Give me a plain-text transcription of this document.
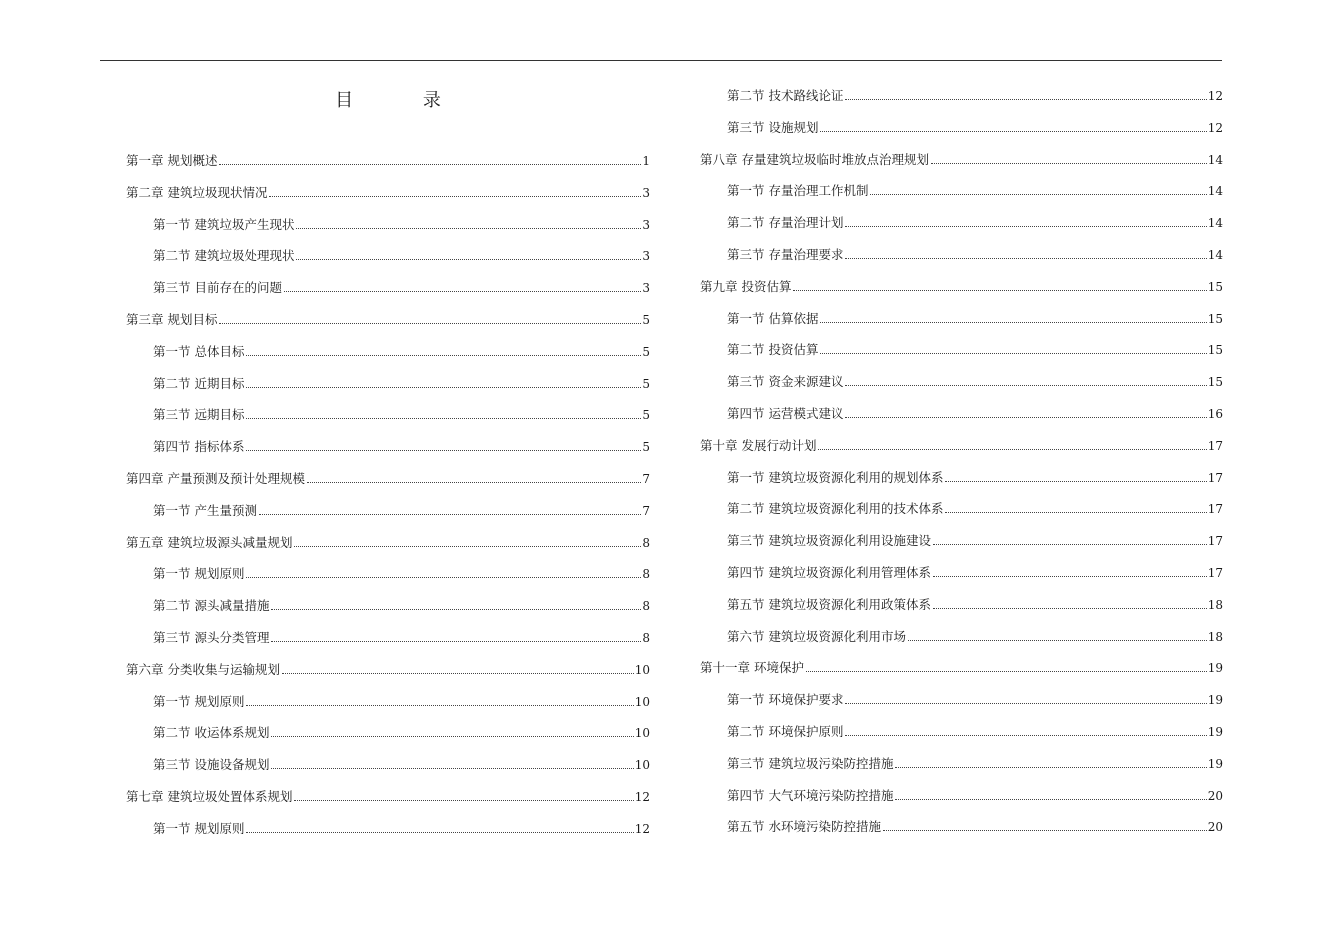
目 录
第一章 规划概述	1
第二章 建筑垃圾现状情况	3
第一节 建筑垃圾产生现状	3
第二节 建筑垃圾处理现状	3
第三节 目前存在的问题	3
第三章 规划目标	5
第一节 总体目标	5
第二节 近期目标	5
第三节 远期目标	5
第四节 指标体系	5
第四章 产量预测及预计处理规模	7
第一节 产生量预测	7
第五章 建筑垃圾源头减量规划	8
第一节 规划原则	8
第二节 源头减量措施	8
第三节 源头分类管理	8
第六章 分类收集与运输规划	10
第一节 规划原则	10
第二节 收运体系规划	10
第三节 设施设备规划	10
第七章 建筑垃圾处置体系规划	12
第一节 规划原则	12
第二节 技术路线论证	12
第三节 设施规划	12
第八章 存量建筑垃圾临时堆放点治理规划	14
第一节 存量治理工作机制	14
第二节 存量治理计划	14
第三节 存量治理要求	14
第九章 投资估算	15
第一节 估算依据	15
第二节 投资估算	15
第三节 资金来源建议	15
第四节 运营模式建议	16
第十章 发展行动计划	17
第一节 建筑垃圾资源化利用的规划体系	17
第二节 建筑垃圾资源化利用的技术体系	17
第三节 建筑垃圾资源化利用设施建设	17
第四节 建筑垃圾资源化利用管理体系	17
第五节 建筑垃圾资源化利用政策体系	18
第六节 建筑垃圾资源化利用市场	18
第十一章 环境保护	19
第一节 环境保护要求	19
第二节 环境保护原则	19
第三节 建筑垃圾污染防控措施	19
第四节 大气环境污染防控措施	20
第五节 水环境污染防控措施	20
